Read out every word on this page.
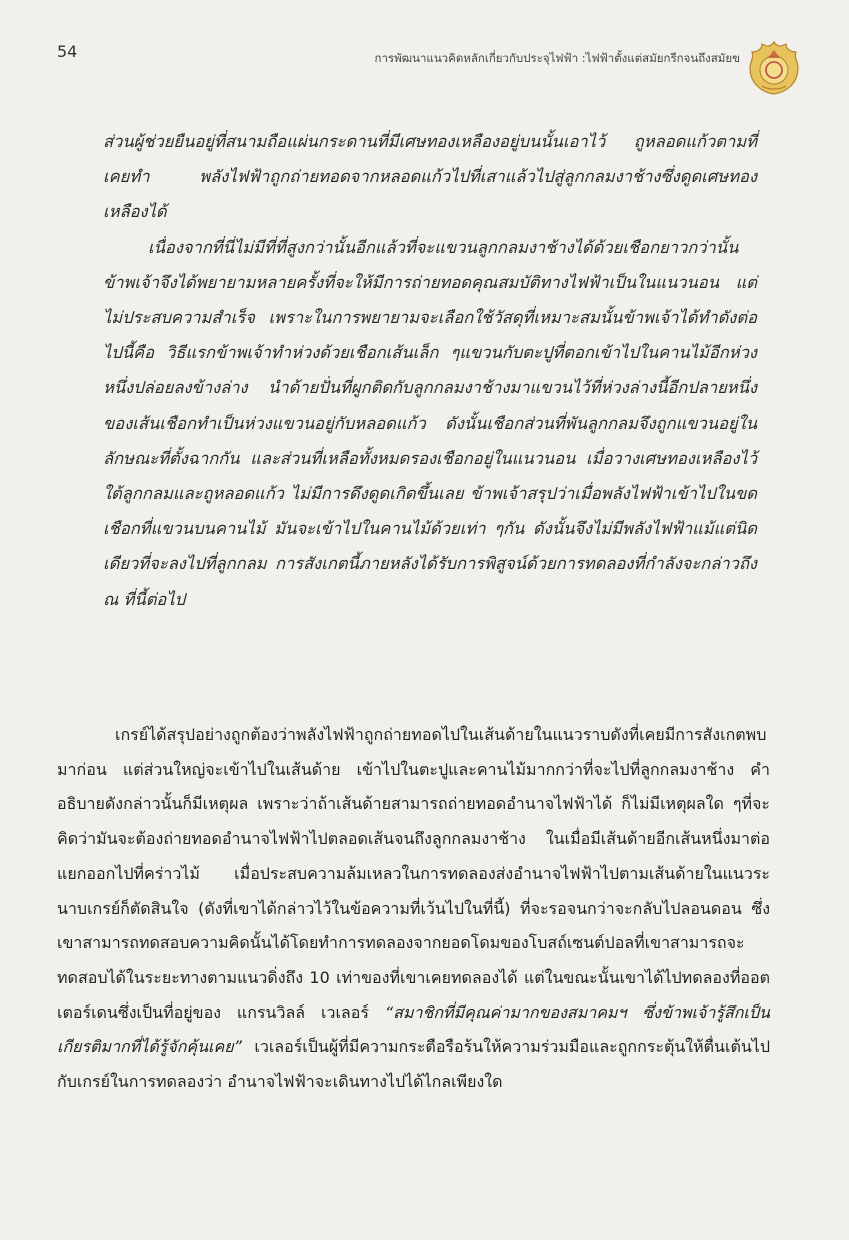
54	การพัฒนาแนวคิดหลักเกี่ยวกับประจุไฟฟ้า :ไฟฟ้าตั้งแต่สมัยกรีกจนถึงสมัยข

ส่วนผู้ช่วยยืนอยู่ที่สนามถือแผ่นกระดานที่มีเศษทองเหลืองอยู่บนนั้นเอาไว้ ถูหลอดแก้วตามที่เคยทำ พลังไฟฟ้าถูกถ่ายทอดจากหลอดแก้วไปที่เสาแล้วไปสู่ลูกกลมงาช้างซึ่งดูดเศษทองเหลืองได้

เนื่องจากที่นี่ไม่มีที่ที่สูงกว่านั้นอีกแล้วที่จะแขวนลูกกลมงาช้างได้ด้วยเชือกยาวกว่านั้น ข้าพเจ้าจึงได้พยายามหลายครั้งที่จะให้มีการถ่ายทอดคุณสมบัติทางไฟฟ้าเป็นในแนวนอน แต่ไม่ประสบความสำเร็จ เพราะในการพยายามจะเลือกใช้วัสดุที่เหมาะสมนั้นข้าพเจ้าได้ทำดังต่อไปนี้คือ วิธีแรกข้าพเจ้าทำห่วงด้วยเชือกเส้นเล็ก ๆแขวนกับตะปูที่ตอกเข้าไปในคานไม้อีกห่วงหนึ่งปล่อยลงข้างล่าง นำด้ายปั่นที่ผูกติดกับลูกกลมงาช้างมาแขวนไว้ที่ห่วงล่างนี้อีกปลายหนึ่งของเส้นเชือกทำเป็นห่วงแขวนอยู่กับหลอดแก้ว ดังนั้นเชือกส่วนที่พันลูกกลมจึงถูกแขวนอยู่ในลักษณะที่ตั้งฉากกัน และส่วนที่เหลือทั้งหมดรองเชือกอยู่ในแนวนอน เมื่อวางเศษทองเหลืองไว้ใต้ลูกกลมและถูหลอดแก้ว ไม่มีการดึงดูดเกิดขึ้นเลย ข้าพเจ้าสรุปว่าเมื่อพลังไฟฟ้าเข้าไปในขดเชือกที่แขวนบนคานไม้ มันจะเข้าไปในคานไม้ด้วยเท่า ๆกัน ดังนั้นจึงไม่มีพลังไฟฟ้าแม้แต่นิดเดียวที่จะลงไปที่ลูกกลม การสังเกตนี้ภายหลังได้รับการพิสูจน์ด้วยการทดลองที่กำลังจะกล่าวถึง ณ ที่นี้ต่อไป

เกรย์ได้สรุปอย่างถูกต้องว่าพลังไฟฟ้าถูกถ่ายทอดไปในเส้นด้ายในแนวราบดังที่เคยมีการสังเกตพบมาก่อน แต่ส่วนใหญ่จะเข้าไปในเส้นด้าย เข้าไปในตะปูและคานไม้มากกว่าที่จะไปที่ลูกกลมงาช้าง คำอธิบายดังกล่าวนั้นก็มีเหตุผล เพราะว่าถ้าเส้นด้ายสามารถถ่ายทอดอำนาจไฟฟ้าได้ ก็ไม่มีเหตุผลใด ๆที่จะคิดว่ามันจะต้องถ่ายทอดอำนาจไฟฟ้าไปตลอดเส้นจนถึงลูกกลมงาช้าง ในเมื่อมีเส้นด้ายอีกเส้นหนึ่งมาต่อแยกออกไปที่คร่าวไม้ เมื่อประสบความล้มเหลวในการทดลองส่งอำนาจไฟฟ้าไปตามเส้นด้ายในแนวระนาบเกรย์ก็ตัดสินใจ (ดังที่เขาได้กล่าวไว้ในข้อความที่เว้นไปในที่นี้) ที่จะรอจนกว่าจะกลับไปลอนดอน ซึ่งเขาสามารถทดสอบความคิดนั้นได้โดยทำการทดลองจากยอดโดมของโบสถ์เซนต์ปอลที่เขาสามารถจะทดสอบได้ในระยะทางตามแนวดิ่งถึง 10 เท่าของที่เขาเคยทดลองได้ แต่ในขณะนั้นเขาได้ไปทดลองที่ออตเตอร์เดนซึ่งเป็นที่อยู่ของ แกรนวิลล์ เวเลอร์ “สมาชิกที่มีคุณค่ามากของสมาคมฯ ซึ่งข้าพเจ้ารู้สึกเป็นเกียรติมากที่ได้รู้จักคุ้นเคย” เวเลอร์เป็นผู้ที่มีความกระตือรือร้นให้ความร่วมมือและถูกกระตุ้นให้ตื่นเต้นไปกับเกรย์ในการทดลองว่า อำนาจไฟฟ้าจะเดินทางไปได้ไกลเพียงใด
